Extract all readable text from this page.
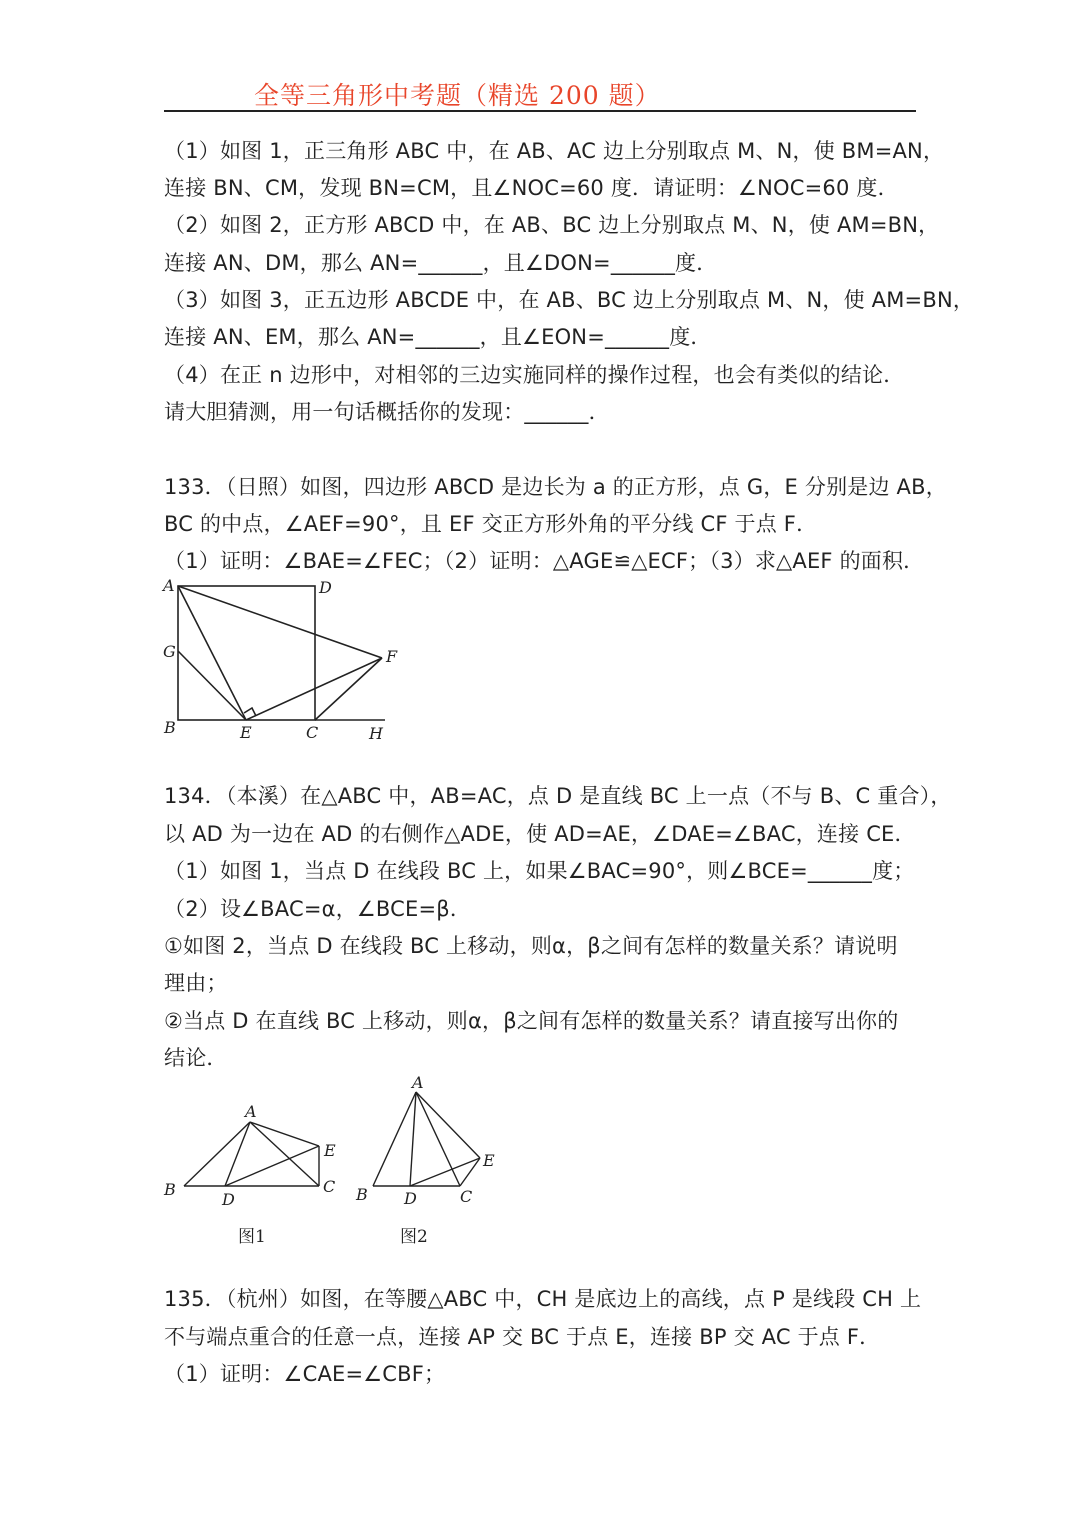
全等三角形中考题（精选 200 题）
（1）如图 1，正三角形 ABC 中，在 AB、AC 边上分别取点 M、N，使 BM=AN，
连接 BN、CM，发现 BN=CM，且∠NOC=60 度．请证明：∠NOC=60 度．
（2）如图 2，正方形 ABCD 中，在 AB、BC 边上分别取点 M、N，使 AM=BN，
连接 AN、DM，那么 AN=______，且∠DON=______度．
（3）如图 3，正五边形 ABCDE 中，在 AB、BC 边上分别取点 M、N，使 AM=BN，
连接 AN、EM，那么 AN=______，且∠EON=______度．
（4）在正 n 边形中，对相邻的三边实施同样的操作过程，也会有类似的结论．
请大胆猜测，用一句话概括你的发现：______．
133．（日照）如图，四边形 ABCD 是边长为 a 的正方形，点 G，E 分别是边 AB，
BC 的中点，∠AEF=90°，且 EF 交正方形外角的平分线 CF 于点 F．
（1）证明：∠BAE=∠FEC；（2）证明：△AGE≌△ECF；（3）求△AEF 的面积．
A	D
G	F
B	E	C	H
134．（本溪）在△ABC 中，AB=AC，点 D 是直线 BC 上一点（不与 B、C 重合），
以 AD 为一边在 AD 的右侧作△ADE，使 AD=AE，∠DAE=∠BAC，连接 CE．
（1）如图 1，当点 D 在线段 BC 上，如果∠BAC=90°，则∠BCE=______度；
（2）设∠BAC=α，∠BCE=β．
①如图 2，当点 D 在线段 BC 上移动，则α，β之间有怎样的数量关系？请说明
理由；
②当点 D 在直线 BC 上移动，则α，β之间有怎样的数量关系？请直接写出你的
结论．
A
B
D
E
C
A
B D	C
E
图1	图2
135．（杭州）如图，在等腰△ABC 中，CH 是底边上的高线，点 P 是线段 CH 上
不与端点重合的任意一点，连接 AP 交 BC 于点 E，连接 BP 交 AC 于点 F．
（1）证明：∠CAE=∠CBF；
